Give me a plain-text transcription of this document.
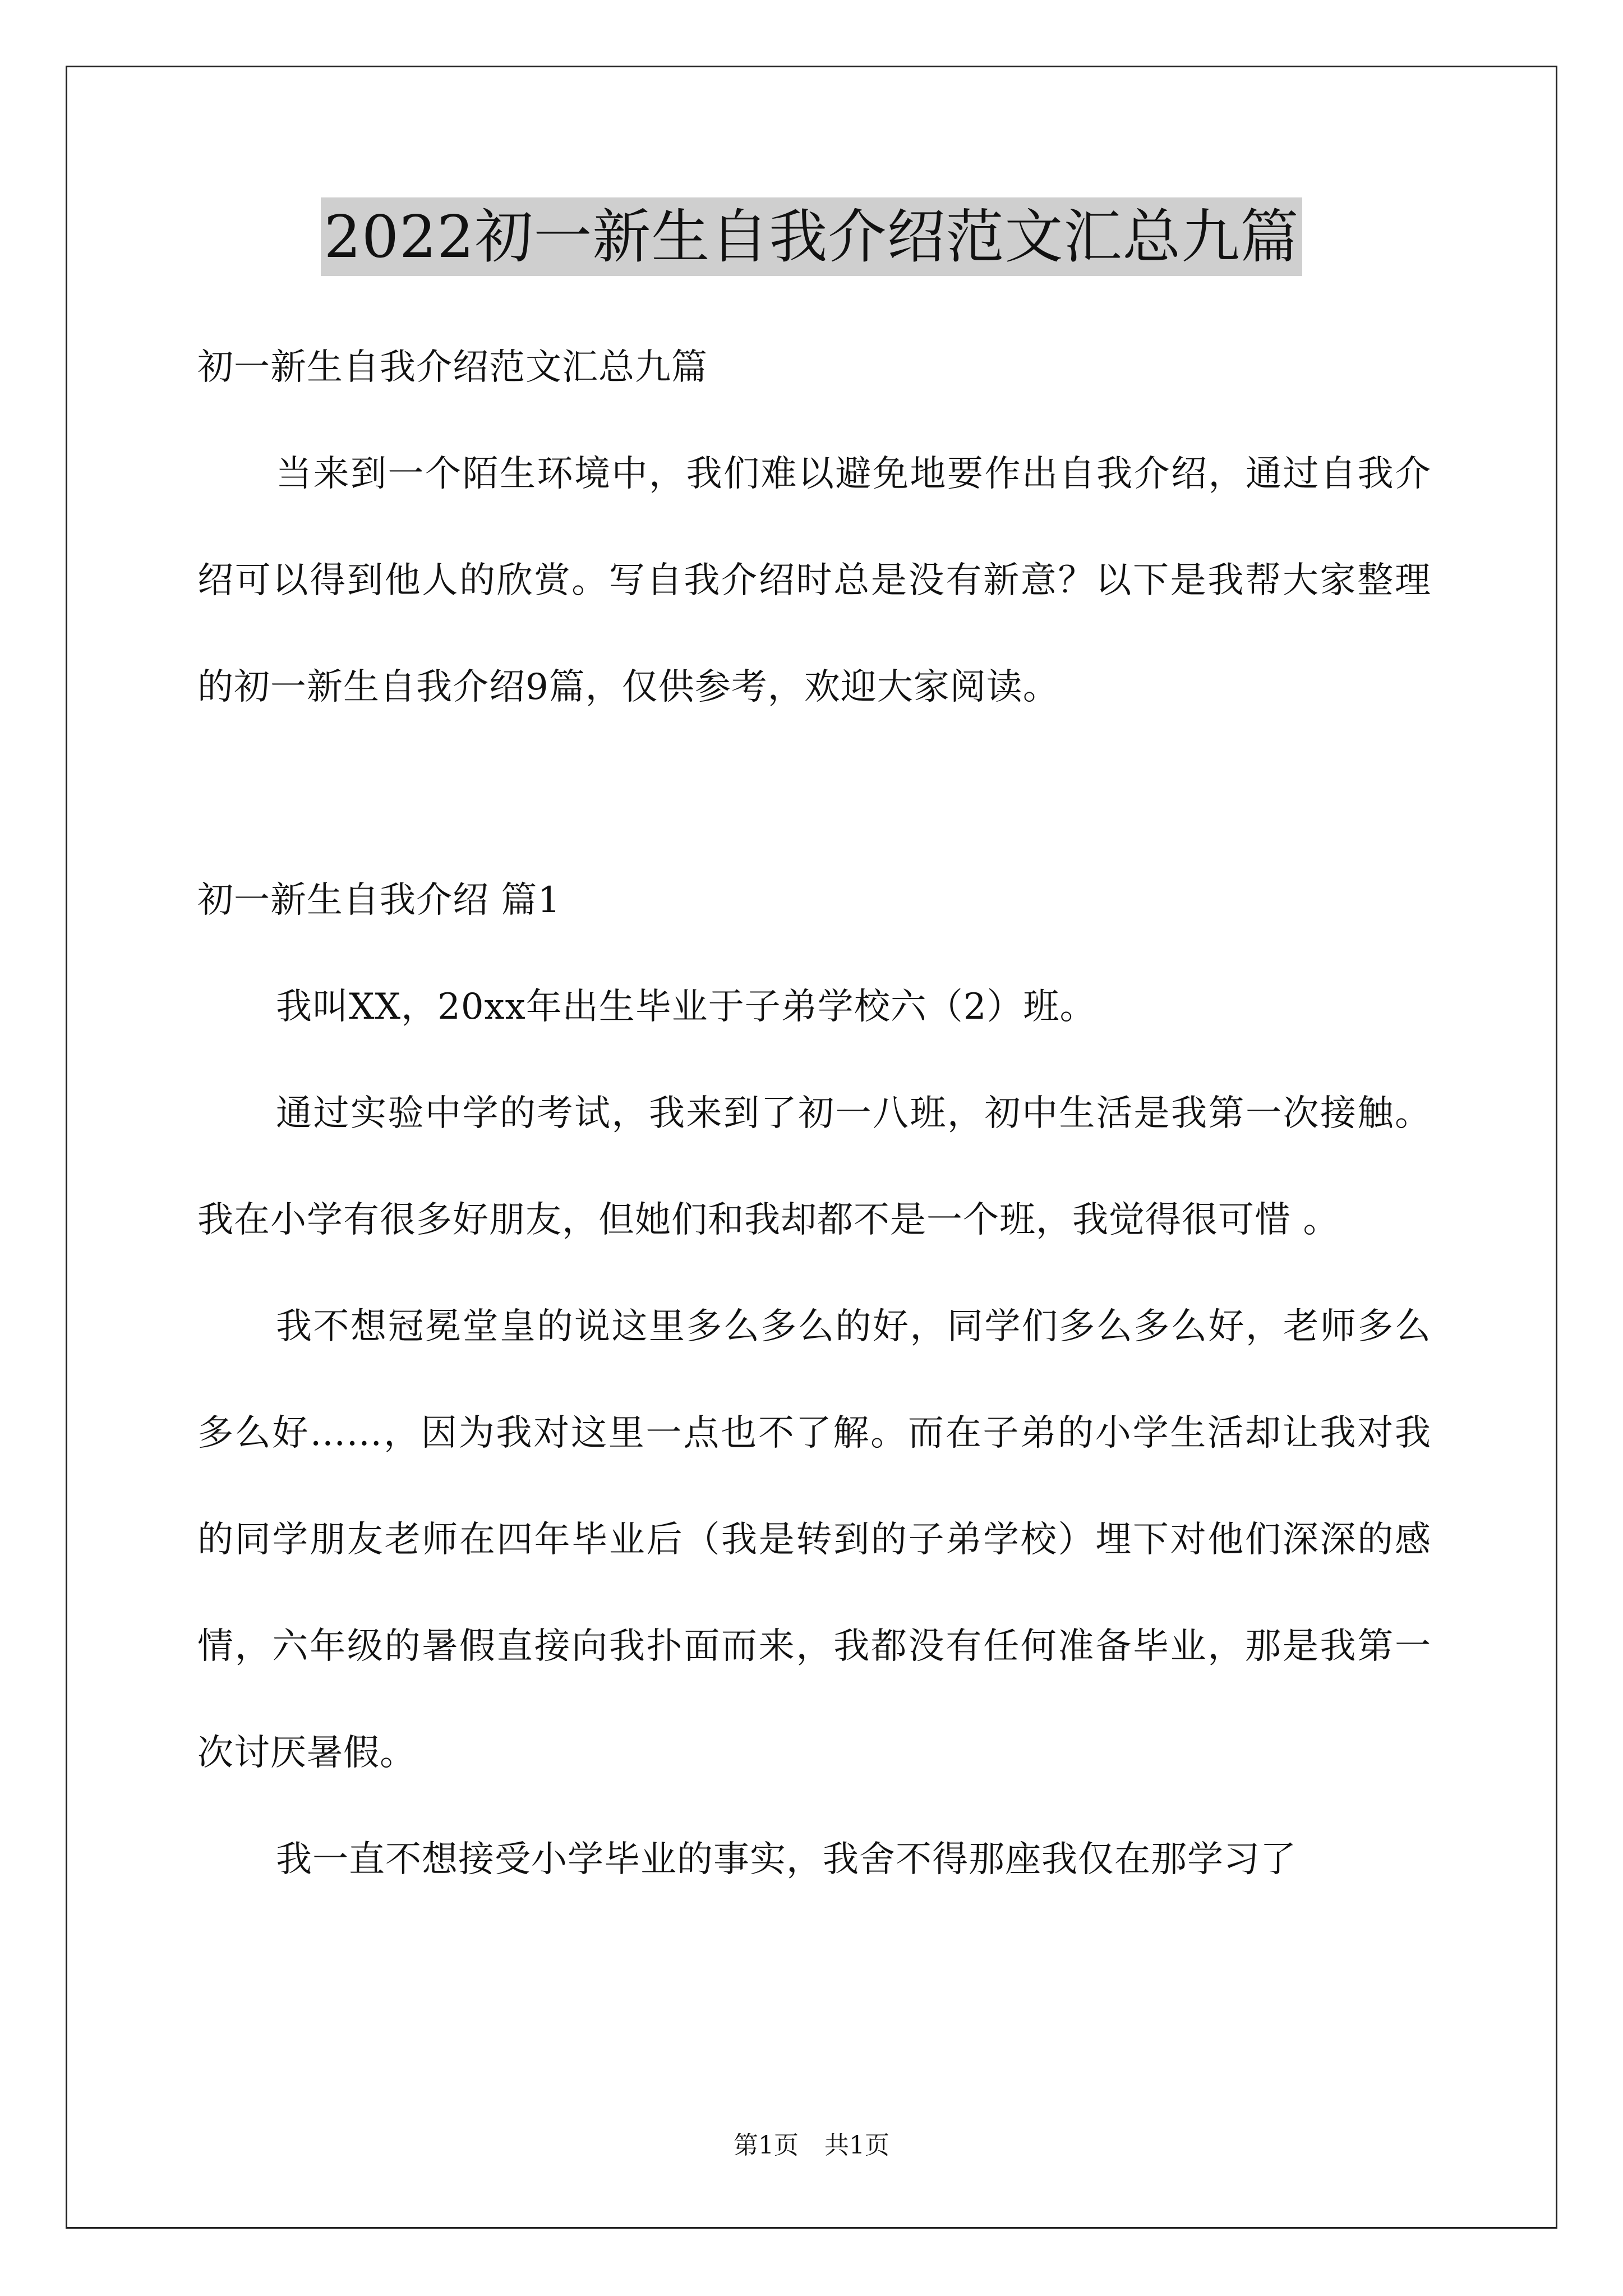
2022初一新生自我介绍范文汇总九篇

初一新生自我介绍范文汇总九篇

当来到一个陌生环境中，我们难以避免地要作出自我介绍，通过自我介绍可以得到他人的欣赏。写自我介绍时总是没有新意？以下是我帮大家整理的初一新生自我介绍9篇，仅供参考，欢迎大家阅读。

初一新生自我介绍 篇1

我叫XX，20xx年出生毕业于子弟学校六（2）班。

通过实验中学的考试，我来到了初一八班，初中生活是我第一次接触。我在小学有很多好朋友，但她们和我却都不是一个班，我觉得很可惜 。

我不想冠冕堂皇的说这里多么多么的好，同学们多么多么好，老师多么多么好……，因为我对这里一点也不了解。而在子弟的小学生活却让我对我的同学朋友老师在四年毕业后（我是转到的子弟学校）埋下对他们深深的感情，六年级的暑假直接向我扑面而来，我都没有任何准备毕业，那是我第一次讨厌暑假。

我一直不想接受小学毕业的事实，我舍不得那座我仅在那学习了

第1页 共1页
